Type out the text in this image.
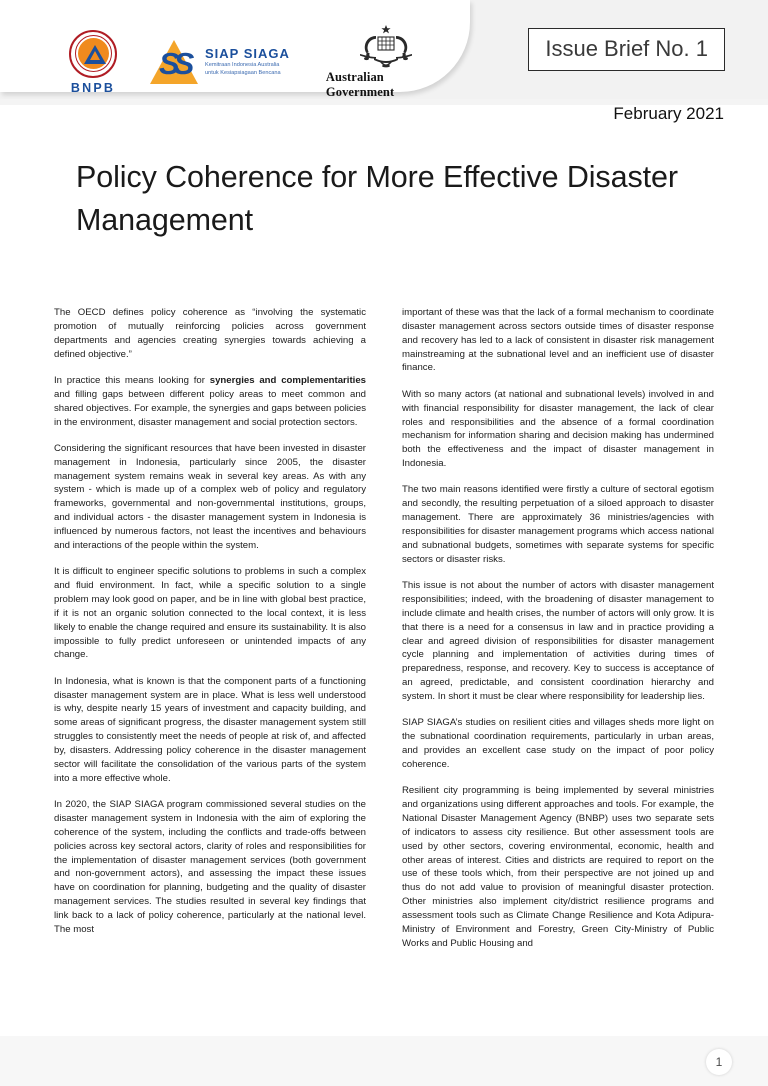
BNPB
SS SIAP SIAGA
Kemitraan Indonesia Australia
untuk Kesiapsiagaan Bencana	Australian Government
Issue Brief No. 1
February 2021
Policy Coherence for More Effective Disaster Management

The OECD defines policy coherence as “involving the systematic promotion of mutually reinforcing policies across government departments and agencies creating synergies towards achieving a defined objective.”

In practice this means looking for synergies and complementarities and filling gaps between different policy areas to meet common and shared objectives. For example, the synergies and gaps between policies in the environment, disaster management and social protection sectors.

Considering the significant resources that have been invested in disaster management in Indonesia, particularly since 2005, the disaster management system remains weak in several key areas. As with any system - which is made up of a complex web of policy and regulatory frameworks, governmental and non-governmental institutions, groups, and individual actors - the disaster management system in Indonesia is influenced by numerous factors, not least the incentives and behaviours and interactions of the people within the system.

It is difficult to engineer specific solutions to problems in such a complex and fluid environment. In fact, while a specific solution to a single problem may look good on paper, and be in line with global best practice, if it is not an organic solution connected to the local context, it is less likely to enable the change required and ensure its sustainability. It is also impossible to fully predict unforeseen or unintended impacts of any change.

In Indonesia, what is known is that the component parts of a functioning disaster management system are in place. What is less well understood is why, despite nearly 15 years of investment and capacity building, and some areas of significant progress, the disaster management system still struggles to consistently meet the needs of people at risk of, and affected by, disasters. Addressing policy coherence in the disaster management sector will facilitate the consolidation of the various parts of the system into a more effective whole.

In 2020, the SIAP SIAGA program commissioned several studies on the disaster management system in Indonesia with the aim of exploring the coherence of the system, including the conflicts and trade-offs between policies across key sectoral actors, clarity of roles and responsibilities for the implementation of disaster management services (both government and non-government actors), and assessing the impact these issues have on coordination for planning, budgeting and the quality of disaster management services. The studies resulted in several key findings that link back to a lack of policy coherence, particularly at the national level. The most

important of these was that the lack of a formal mechanism to coordinate disaster management across sectors outside times of disaster response and recovery has led to a lack of consistent in disaster risk management mainstreaming at the subnational level and an inefficient use of disaster finance.

With so many actors (at national and subnational levels) involved in and with financial responsibility for disaster management, the lack of clear roles and responsibilities and the absence of a formal coordination mechanism for information sharing and decision making has undermined both the effectiveness and the impact of disaster management in Indonesia.

The two main reasons identified were firstly a culture of sectoral egotism and secondly, the resulting perpetuation of a siloed approach to disaster management. There are approximately 36 ministries/agencies with responsibilities for disaster management programs which access national and subnational budgets, sometimes with separate systems for specific sectors or disaster risks.

This issue is not about the number of actors with disaster management responsibilities; indeed, with the broadening of disaster management to include climate and health crises, the number of actors will only grow. It is that there is a need for a consensus in law and in practice providing a clear and agreed division of responsibilities for disaster management cycle planning and implementation of activities during times of preparedness, response, and recovery. Key to success is acceptance of an agreed, predictable, and consistent coordination hierarchy and system. In short it must be clear where responsibility for leadership lies.

SIAP SIAGA’s studies on resilient cities and villages sheds more light on the subnational coordination requirements, particularly in urban areas, and provides an excellent case study on the impact of poor policy coherence.

Resilient city programming is being implemented by several ministries and organizations using different approaches and tools. For example, the National Disaster Management Agency (BNBP) uses two separate sets of indicators to assess city resilience. But other assessment tools are used by other sectors, covering environmental, economic, health and other areas of interest. Cities and districts are required to report on the use of these tools which, from their perspective are not joined up and thus do not add value to provision of meaningful disaster protection. Other ministries also implement city/district resilience programs and assessment tools such as Climate Change Resilience and Kota Adipura-Ministry of Environment and Forestry, Green City-Ministry of Public Works and Public Housing and

1
